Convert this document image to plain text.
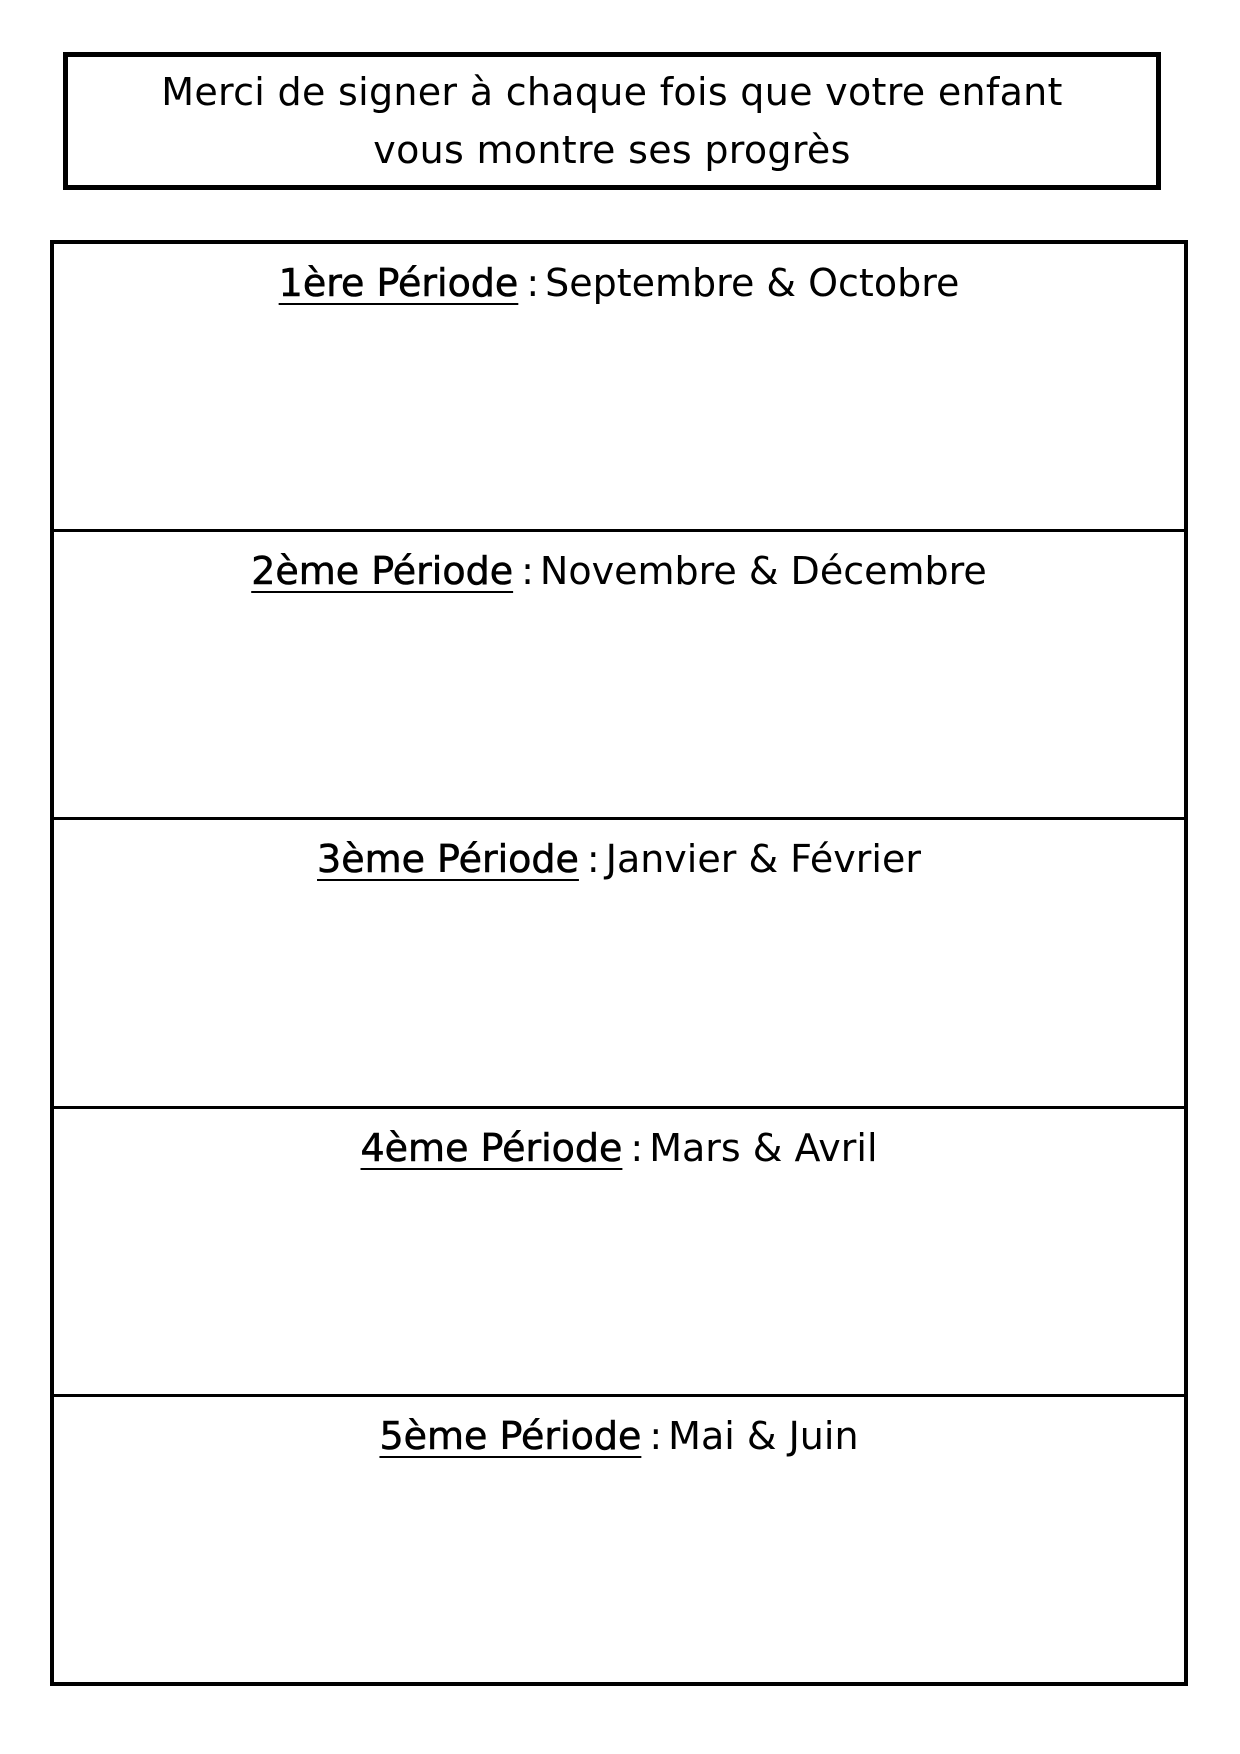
Merci de signer à chaque fois que votre enfant
vous montre ses progrès
1ère Période : Septembre & Octobre
2ème Période : Novembre & Décembre
3ème Période : Janvier & Février
4ème Période : Mars & Avril
5ème Période : Mai & Juin
